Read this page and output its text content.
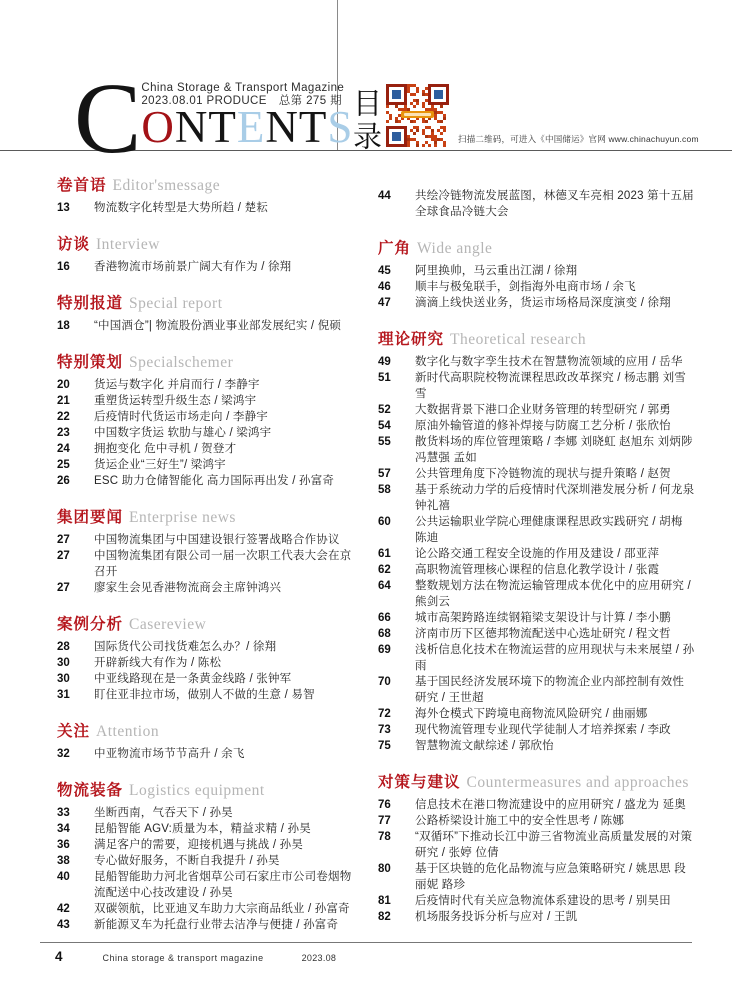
C China Storage & Transport Magazine
2023.08.01 PRODUCE　总第 275 期
ONTENTS
目录	扫描二维码，可进入《中国储运》官网 www.chinachuyun.com
卷首语 Editor'smessage
13	物流数字化转型是大势所趋 / 楚耘
访谈 Interview
16	香港物流市场前景广阔大有作为 / 徐翔
特别报道 Special report
18	“中国酒仓”| 物流股份酒业事业部发展纪实 / 倪硕
特别策划 Specialschemer
20	货运与数字化 并肩而行 / 李静宇
21	重塑货运转型升级生态 / 梁鸿宇
22	后疫情时代货运市场走向 / 李静宇
23	中国数字货运 软肋与雄心 / 梁鸿宇
24	拥抱变化 危中寻机 / 贺登才
25	货运企业“三好生”/ 梁鸿宇
26	ESC 助力仓储智能化 高力国际再出发 / 孙富奇
集团要闻 Enterprise news
27	中国物流集团与中国建设银行签署战略合作协议
27	中国物流集团有限公司一届一次职工代表大会在京召开
27	廖家生会见香港物流商会主席钟鸿兴
案例分析 Casereview
28	国际货代公司找货难怎么办？/ 徐翔
30	开辟新线大有作为 / 陈松
30	中亚线路现在是一条黄金线路 / 张钟军
31	盯住亚非拉市场，做别人不做的生意 / 易智
关注 Attention
32	中亚物流市场节节高升 / 余飞
物流装备 Logistics equipment
33	坐断西南，气吞天下 / 孙昊
34	昆船智能 AGV:质量为本，精益求精 / 孙昊
36	满足客户的需要，迎接机遇与挑战 / 孙昊
38	专心做好服务，不断自我提升 / 孙昊
40	昆船智能助力河北省烟草公司石家庄市公司卷烟物流配送中心技改建设 / 孙昊
42	双碳领航，比亚迪叉车助力大宗商品纸业 / 孙富奇
43	新能源叉车为托盘行业带去洁净与便捷 / 孙富奇
44	共绘冷链物流发展蓝图，林德叉车亮相 2023 第十五届全球食品冷链大会
广角 Wide angle
45	阿里换帅，马云重出江湖 / 徐翔
46	顺丰与极兔联手，剑指海外电商市场 / 余飞
47	滴滴上线快送业务，货运市场格局深度演变 / 徐翔
理论研究 Theoretical research
49	数字化与数字孪生技术在智慧物流领域的应用 / 岳华
51	新时代高职院校物流课程思政改革探究 / 杨志鹏 刘雪雪
52	大数据背景下港口企业财务管理的转型研究 / 郭勇
54	原油外输管道的修补焊接与防腐工艺分析 / 张欣怡
55	散货料场的库位管理策略 / 李娜 刘晓虹 赵旭东 刘炳陟 冯慧强 孟如
57	公共管理角度下冷链物流的现状与提升策略 / 赵贺
58	基于系统动力学的后疫情时代深圳港发展分析 / 何龙泉 钟礼禧
60	公共运输职业学院心理健康课程思政实践研究 / 胡梅 陈迪
61	论公路交通工程安全设施的作用及建设 / 邵亚萍
62	高职物流管理核心课程的信息化教学设计 / 张霞
64	整数规划方法在物流运输管理成本优化中的应用研究 / 熊剑云
66	城市高架跨路连续钢箱梁支架设计与计算 / 李小鹏
68	济南市历下区德邦物流配送中心选址研究 / 程文哲
69	浅析信息化技术在物流运营的应用现状与未来展望 / 孙雨
70	基于国民经济发展环境下的物流企业内部控制有效性研究 / 王世超
72	海外仓模式下跨境电商物流风险研究 / 曲丽娜
73	现代物流管理专业现代学徒制人才培养探索 / 李政
75	智慧物流文献综述 / 郭欣怡
对策与建议 Countermeasures and approaches
76	信息技术在港口物流建设中的应用研究 / 盛龙为 延奥
77	公路桥梁设计施工中的安全性思考 / 陈娜
78	“双循环”下推动长江中游三省物流业高质量发展的对策研究 / 张婷 位倩
80	基于区块链的危化品物流与应急策略研究 / 姚思思 段丽妮 路珍
81	后疫情时代有关应急物流体系建设的思考 / 别昊田
82	机场服务投诉分析与应对 / 王凯
4	China storage & transport magazine	2023.08
